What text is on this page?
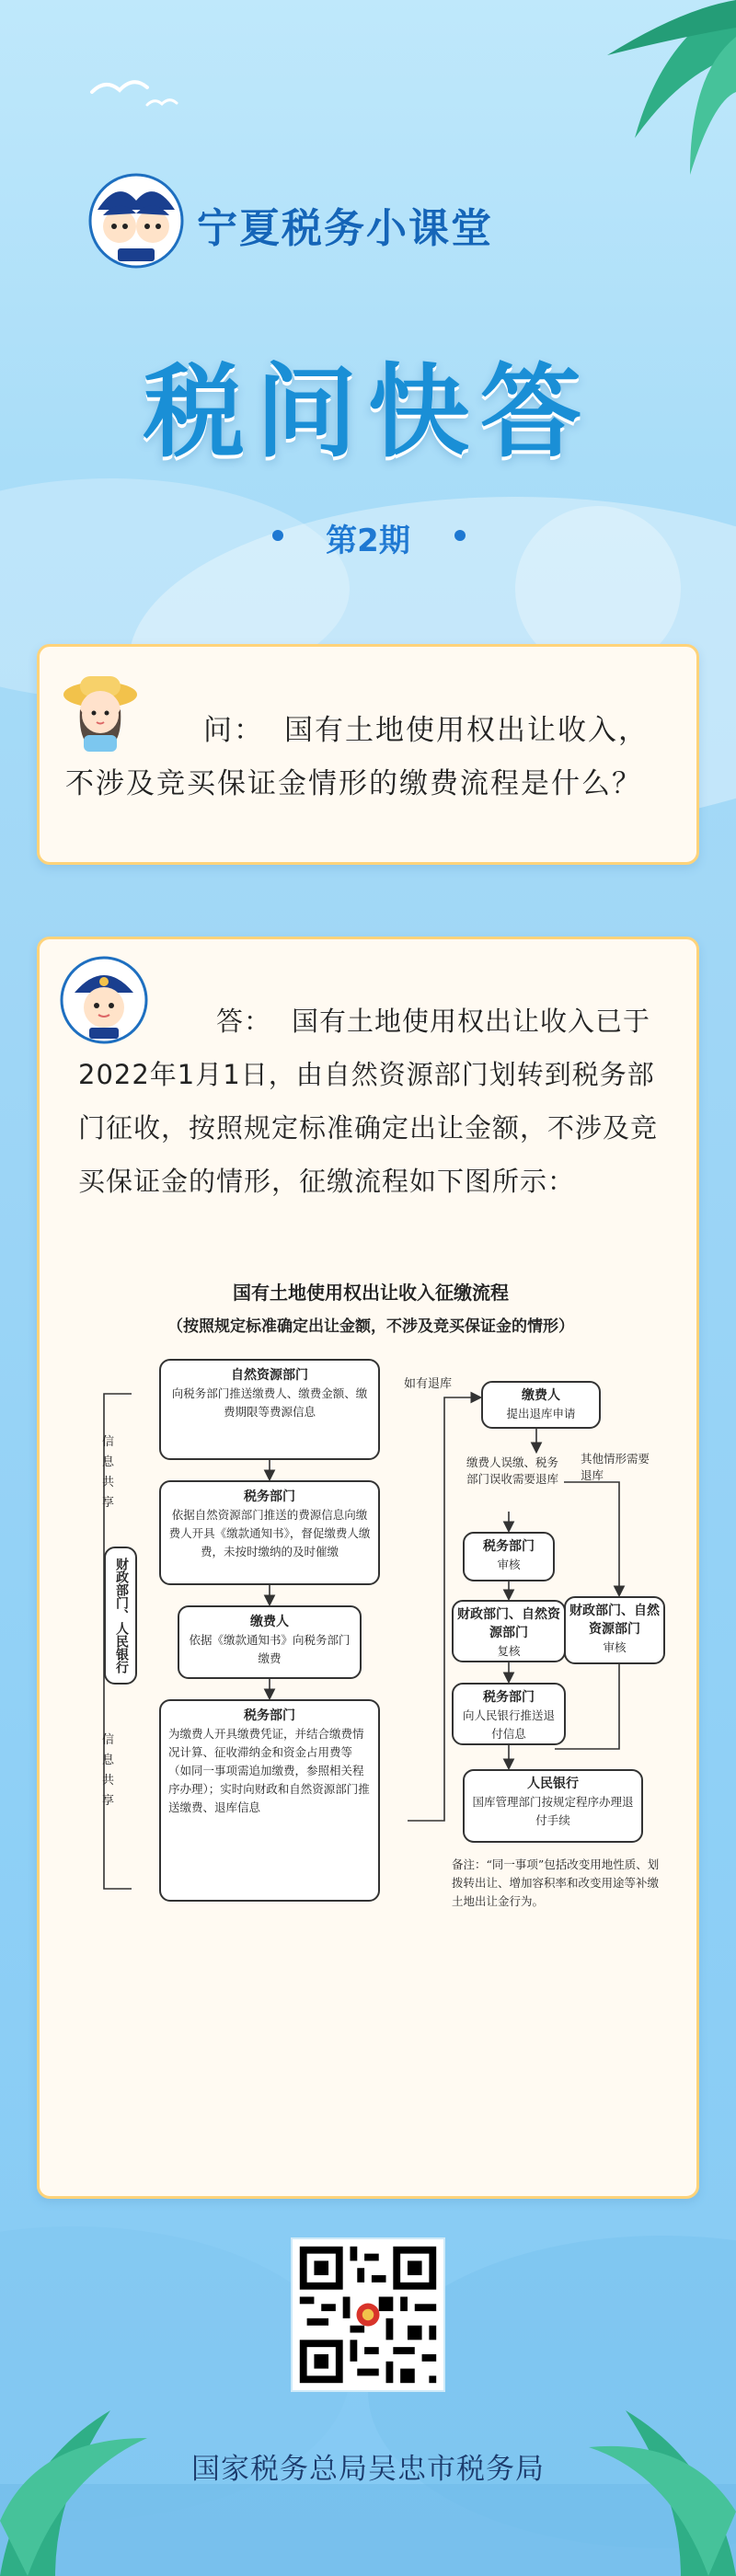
宁夏税务小课堂
税问快答
第2期
问： 国有土地使用权出让收入，不涉及竞买保证金情形的缴费流程是什么？
答： 国有土地使用权出让收入已于2022年1月1日，由自然资源部门划转到税务部门征收，按照规定标准确定出让金额，不涉及竞买保证金的情形，征缴流程如下图所示：
国有土地使用权出让收入征缴流程
（按照规定标准确定出让金额，不涉及竞买保证金的情形）
信息共享
财政部门、人民银行
信息共享
自然资源部门
向税务部门推送缴费人、缴费金额、缴费期限等费源信息
税务部门
依据自然资源部门推送的费源信息向缴费人开具《缴款通知书》，督促缴费人缴费，未按时缴纳的及时催缴
缴费人
依据《缴款通知书》向税务部门缴费
税务部门
为缴费人开具缴费凭证，并结合缴费情况计算、征收滞纳金和资金占用费等（如同一事项需追加缴费，参照相关程序办理）；实时向财政和自然资源部门推送缴费、退库信息
如有退库
缴费人
提出退库申请
缴费人误缴、税务部门误收需要退库
其他情形需要退库
税务部门
审核
财政部门、自然资源部门
审核
财政部门、自然资源部门
复核
税务部门
向人民银行推送退付信息
人民银行
国库管理部门按规定程序办理退付手续
备注：“同一事项”包括改变用地性质、划拨转出让、增加容积率和改变用途等补缴土地出让金行为。
国家税务总局吴忠市税务局
